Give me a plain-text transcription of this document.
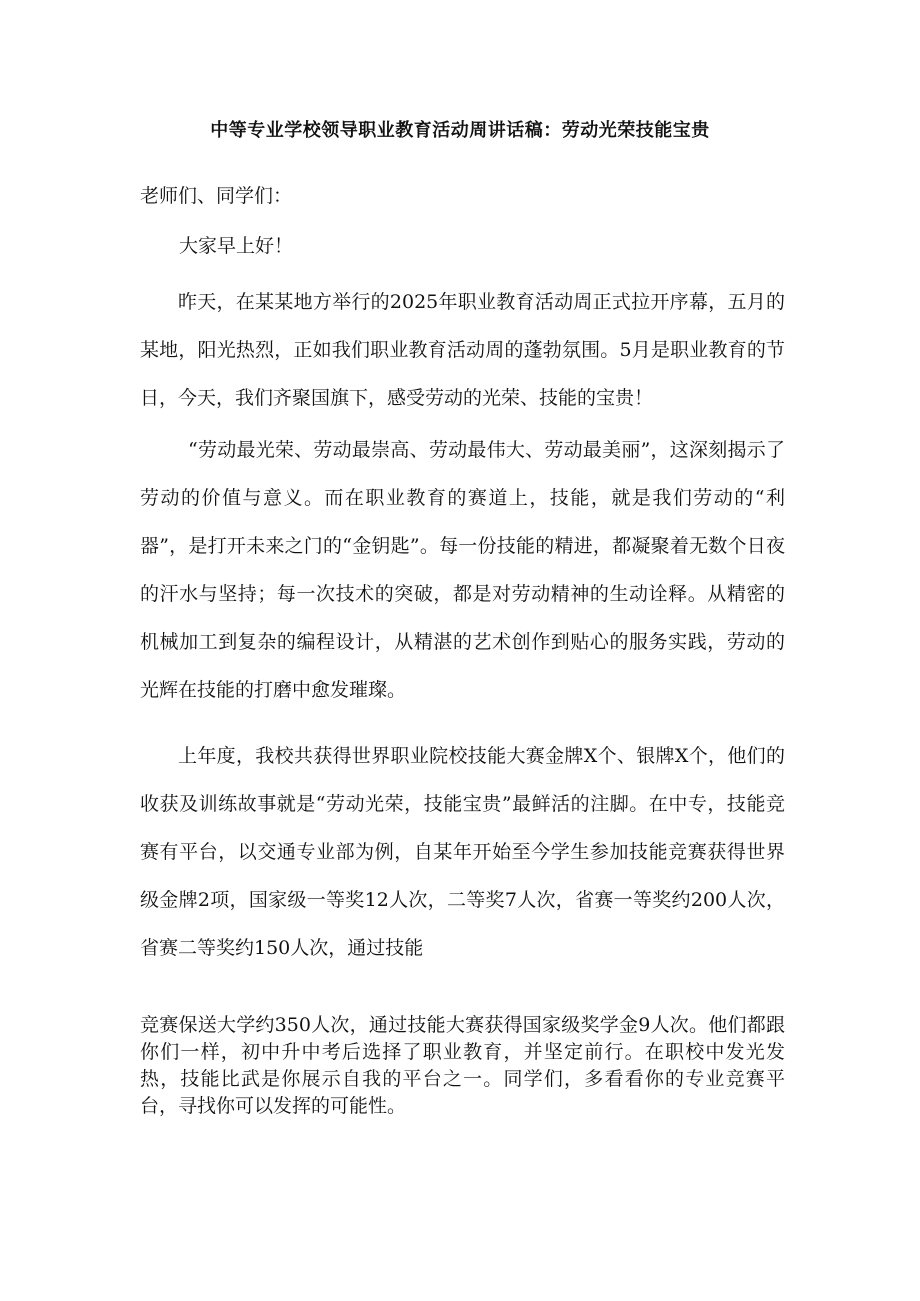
中等专业学校领导职业教育活动周讲话稿：劳动光荣技能宝贵

老师们、同学们：

大家早上好！

昨天，在某某地方举行的2025年职业教育活动周正式拉开序幕，五月的某地，阳光热烈，正如我们职业教育活动周的蓬勃氛围。5月是职业教育的节日，今天，我们齐聚国旗下，感受劳动的光荣、技能的宝贵！

“劳动最光荣、劳动最崇高、劳动最伟大、劳动最美丽”，这深刻揭示了劳动的价值与意义。而在职业教育的赛道上，技能，就是我们劳动的“利器”，是打开未来之门的“金钥匙”。每一份技能的精进，都凝聚着无数个日夜的汗水与坚持；每一次技术的突破，都是对劳动精神的生动诠释。从精密的机械加工到复杂的编程设计，从精湛的艺术创作到贴心的服务实践，劳动的光辉在技能的打磨中愈发璀璨。

上年度，我校共获得世界职业院校技能大赛金牌X个、银牌X个，他们的收获及训练故事就是“劳动光荣，技能宝贵”最鲜活的注脚。在中专，技能竞赛有平台，以交通专业部为例，自某年开始至今学生参加技能竞赛获得世界级金牌2项，国家级一等奖12人次，二等奖7人次，省赛一等奖约200人次，省赛二等奖约150人次，通过技能

竞赛保送大学约350人次，通过技能大赛获得国家级奖学金9人次。他们都跟你们一样，初中升中考后选择了职业教育，并坚定前行。在职校中发光发热，技能比武是你展示自我的平台之一。同学们，多看看你的专业竞赛平台，寻找你可以发挥的可能性。
